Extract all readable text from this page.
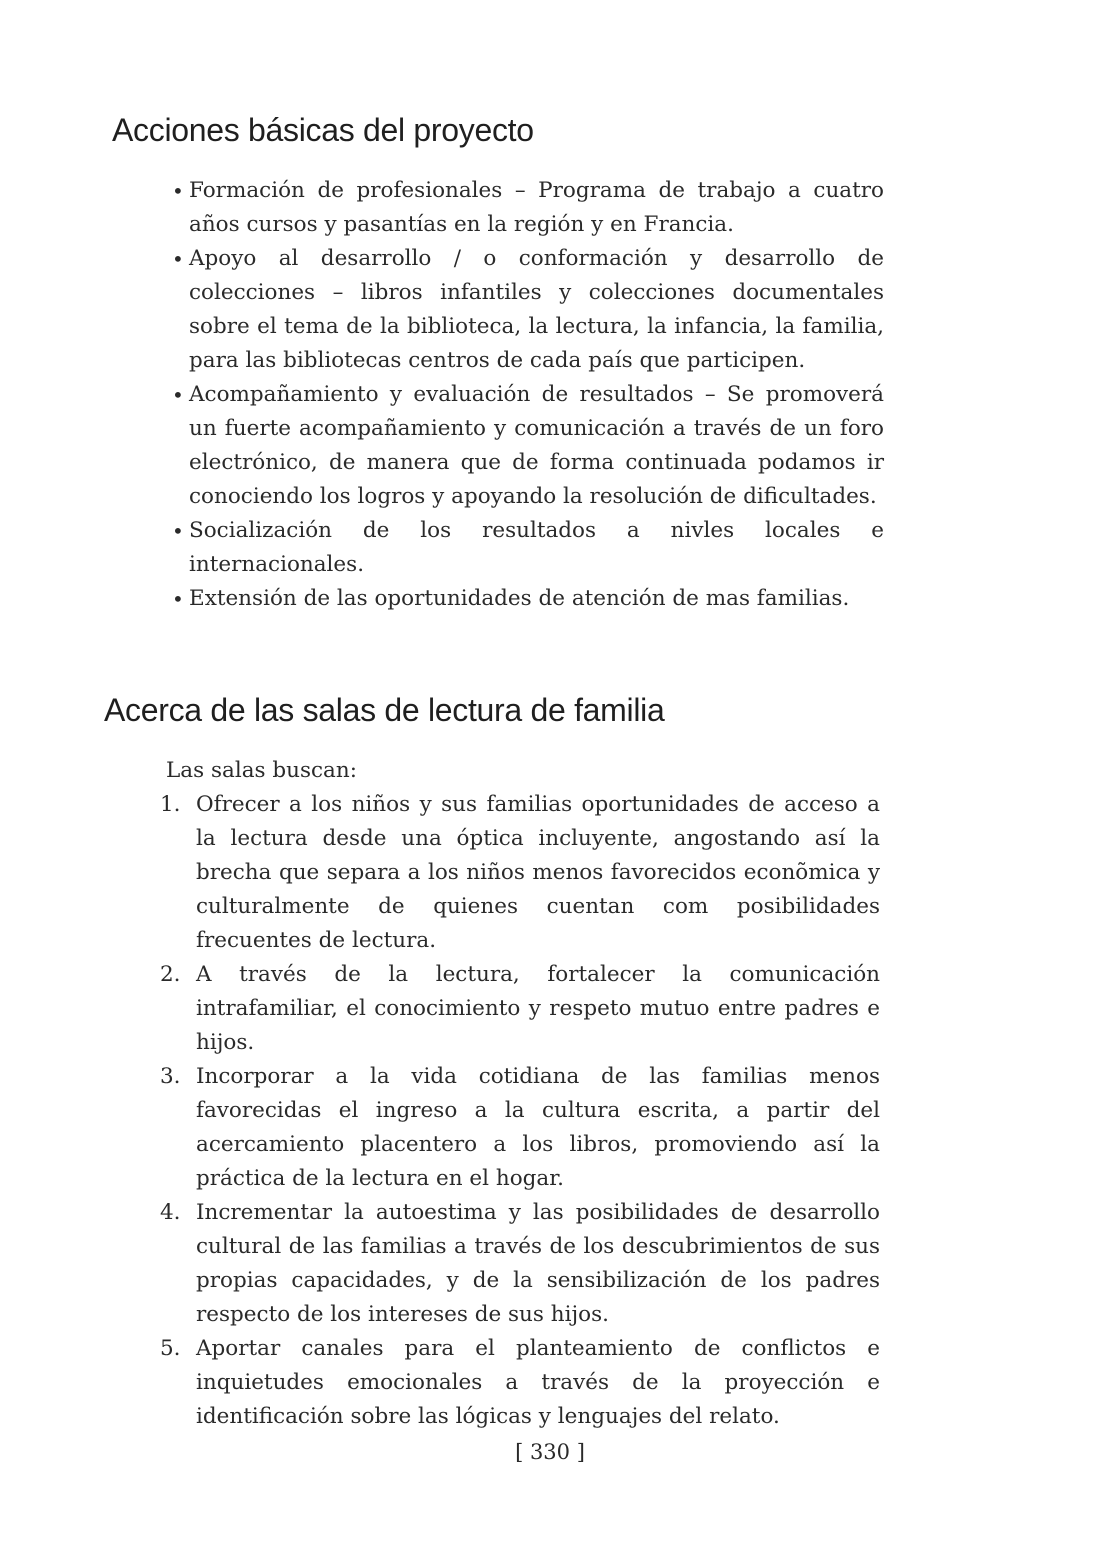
Acciones básicas del proyecto
• Formación de profesionales – Programa de trabajo a cuatro años cursos y pasantías en la región y en Francia.
• Apoyo al desarrollo / o conformación y desarrollo de colecciones – libros infantiles y colecciones documentales sobre el tema de la biblioteca, la lectura, la infancia, la familia, para las bibliotecas centros de cada país que participen.
• Acompañamiento y evaluación de resultados – Se promoverá un fuerte acompañamiento y comunicación a través de un foro electrónico, de manera que de forma continuada podamos ir conociendo los logros y apoyando la resolución de dificultades.
• Socialización de los resultados a nivles locales e internacionales.
• Extensión de las oportunidades de atención de mas familias.
Acerca de las salas de lectura de familia

Las salas buscan:

1. Ofrecer a los niños y sus familias oportunidades de acceso a la lectura desde una óptica incluyente, angostando así la brecha que separa a los niños menos favorecidos econõmica y culturalmente de quienes cuentan com posibilidades frecuentes de lectura.
2. A través de la lectura, fortalecer la comunicación intrafamiliar, el conocimiento y respeto mutuo entre padres e hijos.
3. Incorporar a la vida cotidiana de las familias menos favorecidas el ingreso a la cultura escrita, a partir del acercamiento placentero a los libros, promoviendo así la práctica de la lectura en el hogar.
4. Incrementar la autoestima y las posibilidades de desarrollo cultural de las familias a través de los descubrimientos de sus propias capacidades, y de la sensibilización de los padres respecto de los intereses de sus hijos.
5. Aportar canales para el planteamiento de conflictos e inquietudes emocionales a través de la proyección e identificación sobre las lógicas y lenguajes del relato.
[ 330 ]
